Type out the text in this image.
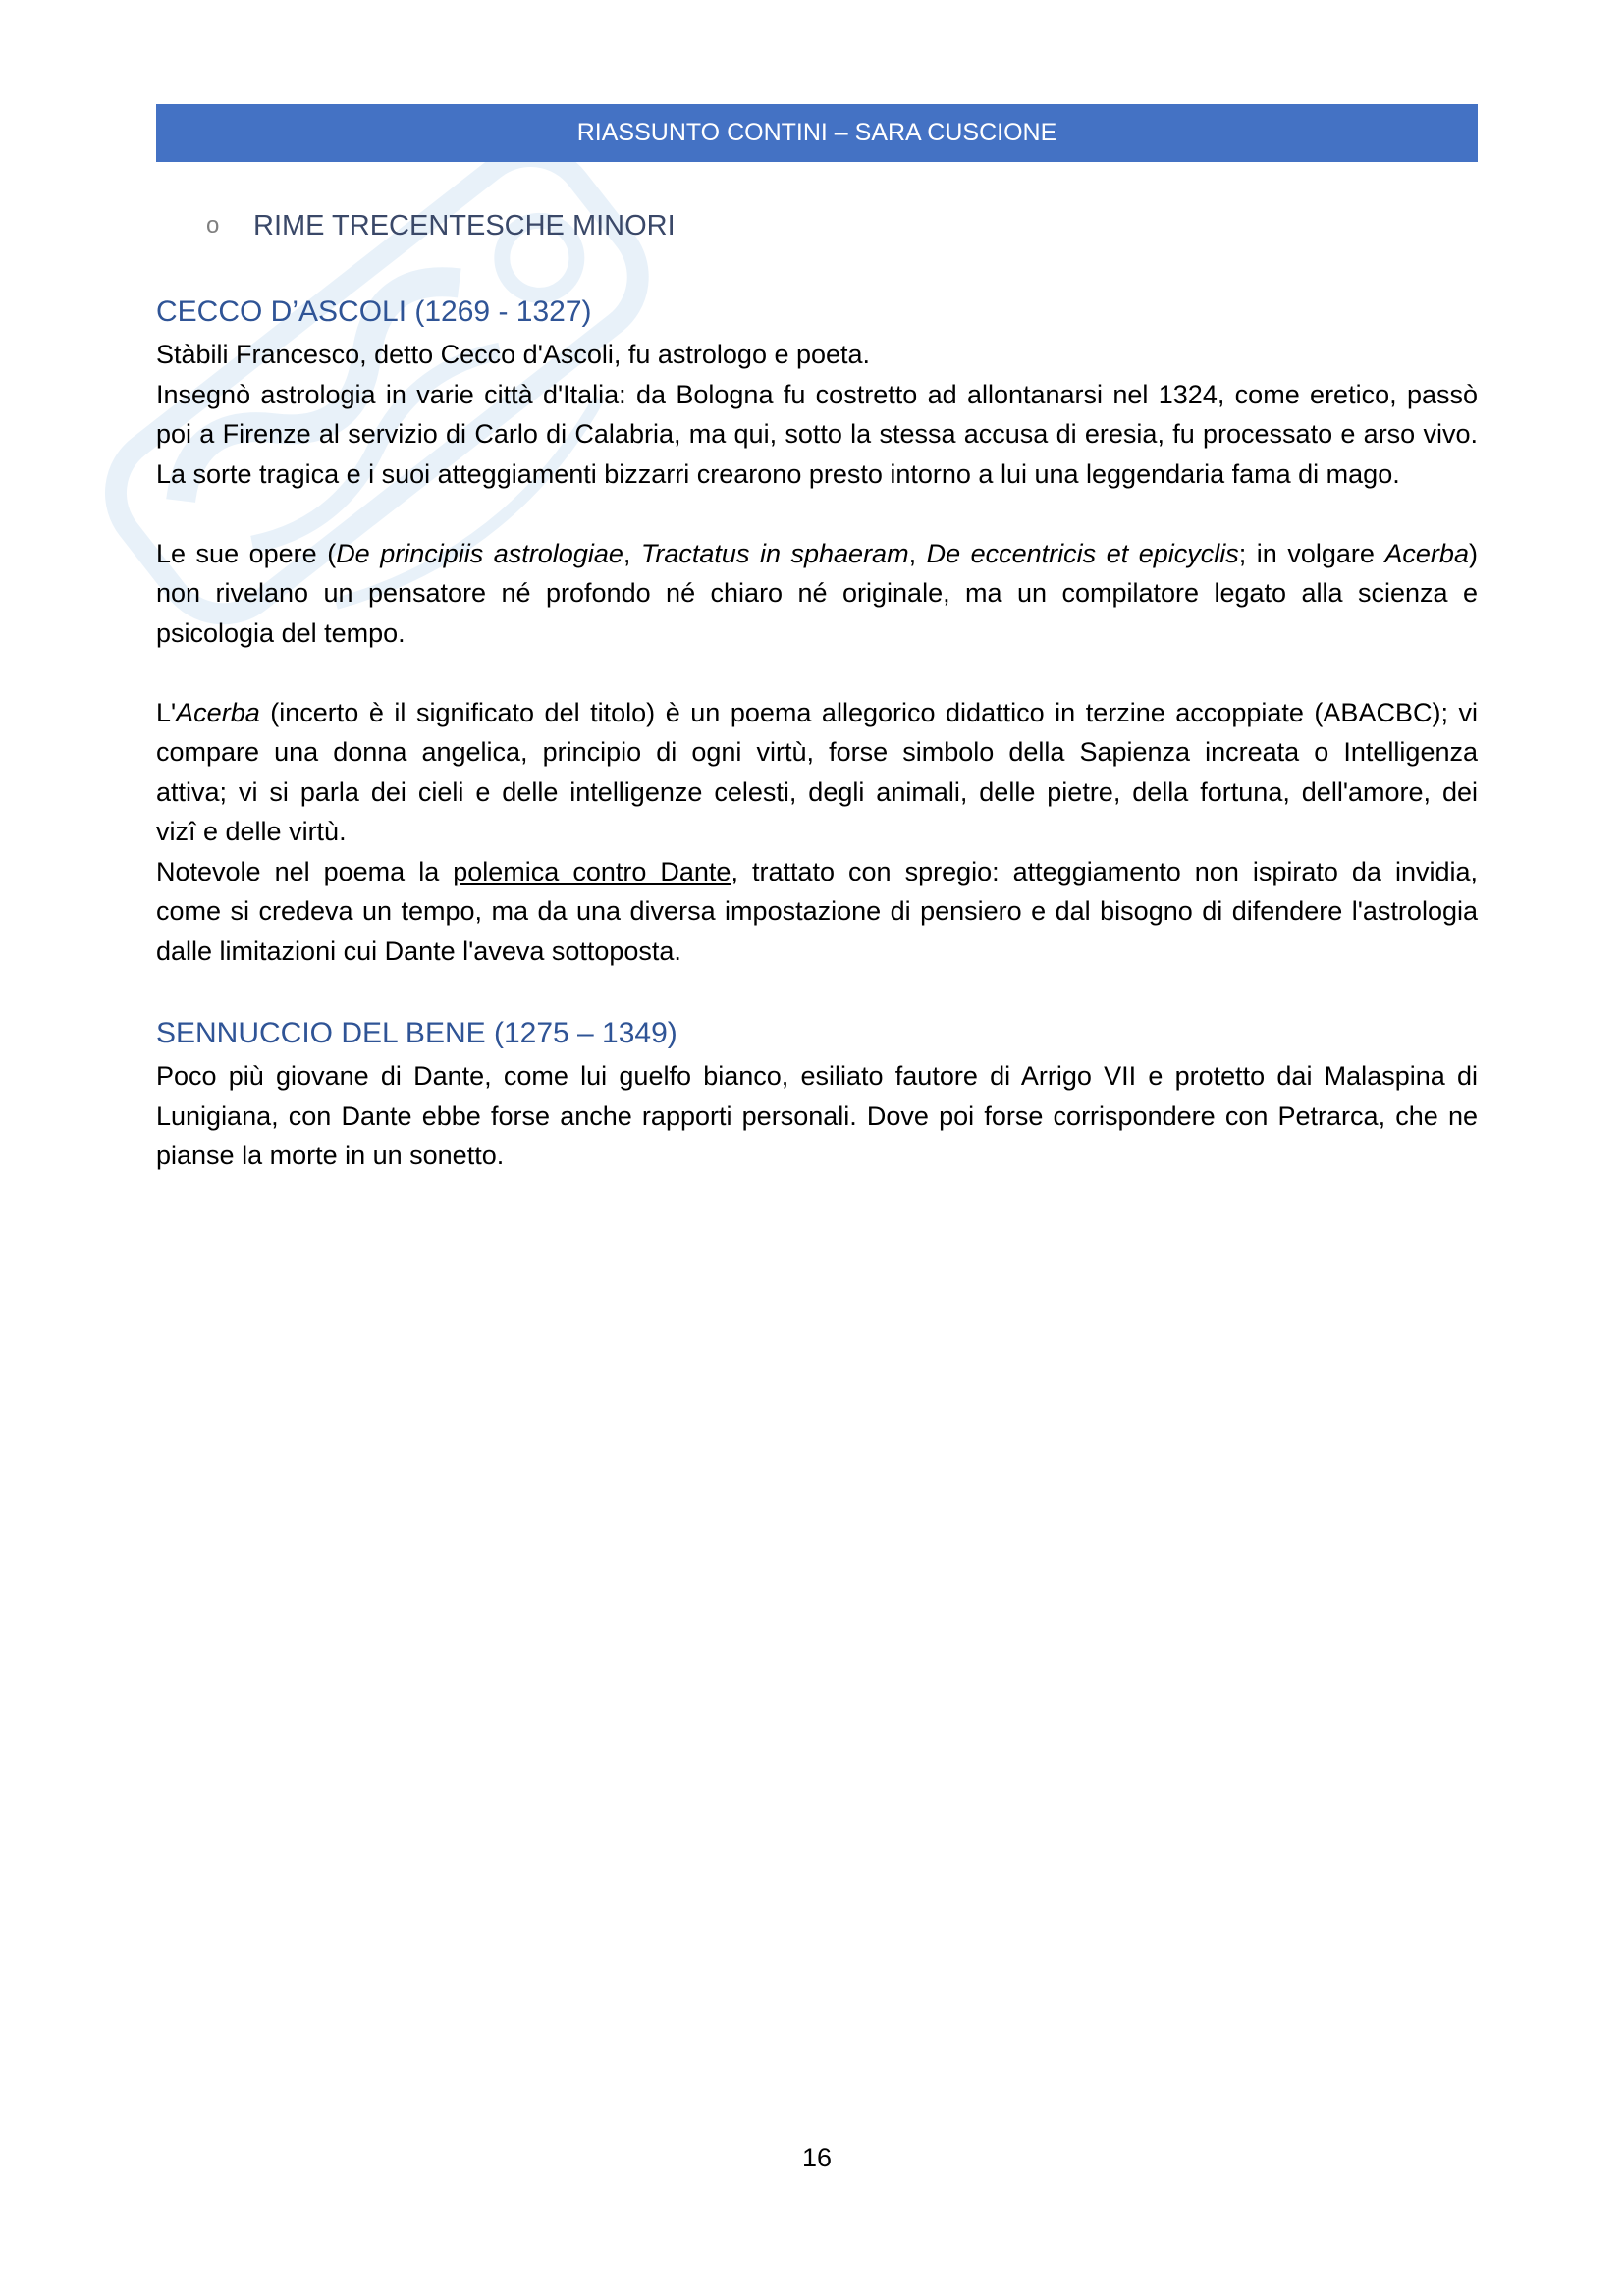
RIASSUNTO CONTINI – SARA CUSCIONE
o RIME TRECENTESCHE MINORI
CECCO D’ASCOLI (1269 - 1327)
Stàbili Francesco, detto Cecco d'Ascoli, fu astrologo e poeta.
Insegnò astrologia in varie città d'Italia: da Bologna fu costretto ad allontanarsi nel 1324, come eretico, passò
poi a Firenze al servizio di Carlo di Calabria, ma qui, sotto la stessa accusa di eresia, fu processato e arso vivo.
La sorte tragica e i suoi atteggiamenti bizzarri crearono presto intorno a lui una leggendaria fama di mago.
Le sue opere (De principiis astrologiae, Tractatus in sphaeram, De eccentricis et epicyclis; in volgare Acerba)
non rivelano un pensatore né profondo né chiaro né originale, ma un compilatore legato alla scienza e
psicologia del tempo.
L'Acerba (incerto è il significato del titolo) è un poema allegorico didattico in terzine accoppiate (ABACBC); vi
compare una donna angelica, principio di ogni virtù, forse simbolo della Sapienza increata o Intelligenza
attiva; vi si parla dei cieli e delle intelligenze celesti, degli animali, delle pietre, della fortuna, dell'amore, dei
vizî e delle virtù.
Notevole nel poema la polemica contro Dante, trattato con spregio: atteggiamento non ispirato da invidia,
come si credeva un tempo, ma da una diversa impostazione di pensiero e dal bisogno di difendere l'astrologia
dalle limitazioni cui Dante l'aveva sottoposta.
SENNUCCIO DEL BENE (1275 – 1349)
Poco più giovane di Dante, come lui guelfo bianco, esiliato fautore di Arrigo VII e protetto dai Malaspina di
Lunigiana, con Dante ebbe forse anche rapporti personali. Dove poi forse corrispondere con Petrarca, che ne
pianse la morte in un sonetto.
16
